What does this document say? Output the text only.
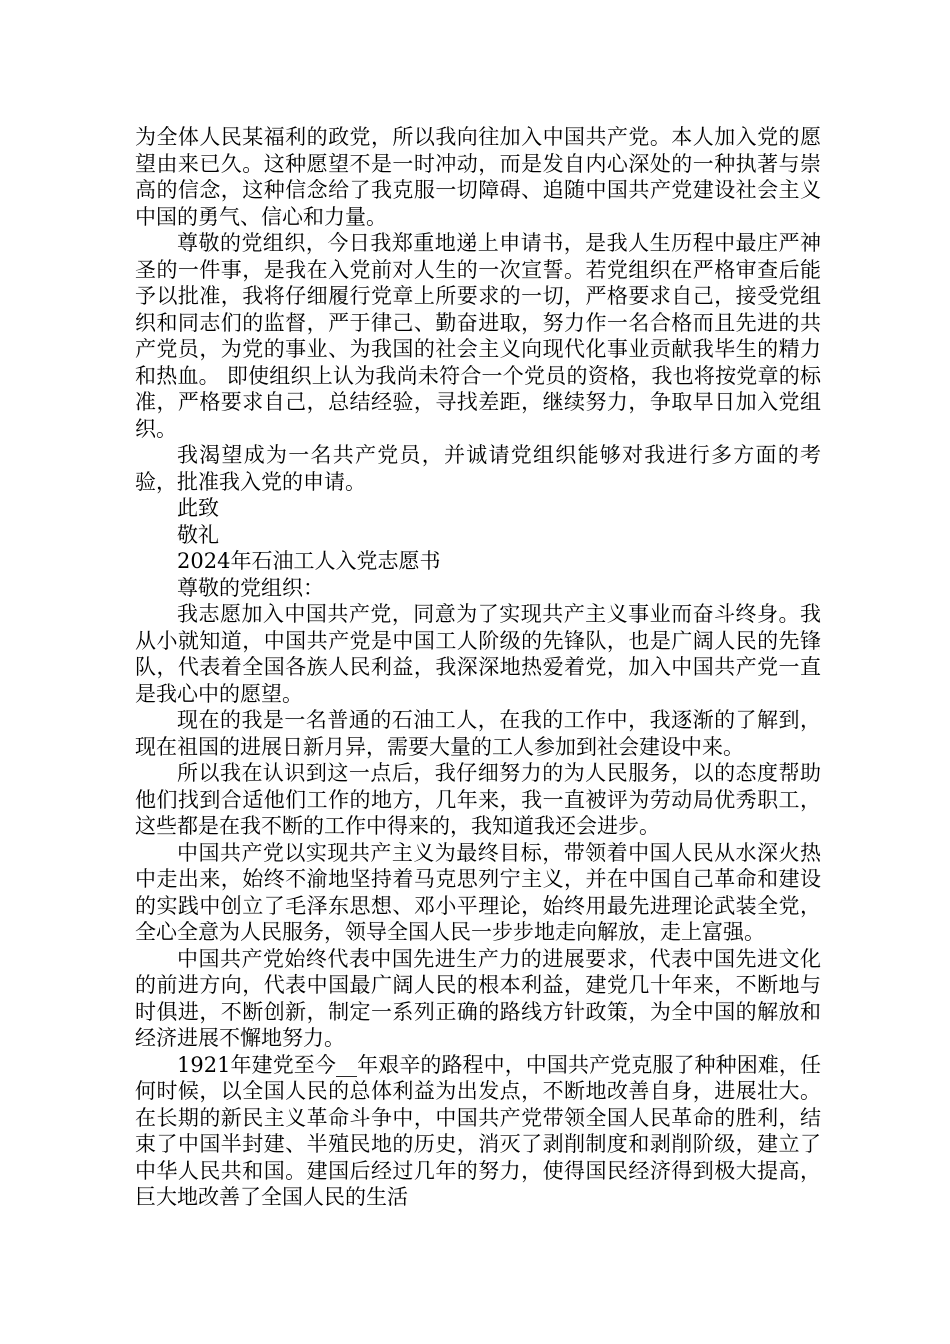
为全体人民某福利的政党，所以我向往加入中国共产党。本人加入党的愿望由来已久。这种愿望不是一时冲动，而是发自内心深处的一种执著与崇高的信念，这种信念给了我克服一切障碍、追随中国共产党建设社会主义中国的勇气、信心和力量。

尊敬的党组织，今日我郑重地递上申请书，是我人生历程中最庄严神圣的一件事，是我在入党前对人生的一次宣誓。若党组织在严格审查后能予以批准，我将仔细履行党章上所要求的一切，严格要求自己，接受党组织和同志们的监督，严于律己、勤奋进取，努力作一名合格而且先进的共产党员，为党的事业、为我国的社会主义向现代化事业贡献我毕生的精力和热血。 即使组织上认为我尚未符合一个党员的资格，我也将按党章的标准，严格要求自己，总结经验，寻找差距，继续努力，争取早日加入党组织。

我渴望成为一名共产党员，并诚请党组织能够对我进行多方面的考验，批准我入党的申请。

此致

敬礼

2024年石油工人入党志愿书

尊敬的党组织：

我志愿加入中国共产党，同意为了实现共产主义事业而奋斗终身。我从小就知道，中国共产党是中国工人阶级的先锋队，也是广阔人民的先锋队，代表着全国各族人民利益，我深深地热爱着党，加入中国共产党一直是我心中的愿望。

现在的我是一名普通的石油工人，在我的工作中，我逐渐的了解到，现在祖国的进展日新月异，需要大量的工人参加到社会建设中来。

所以我在认识到这一点后，我仔细努力的为人民服务，以的态度帮助他们找到合适他们工作的地方，几年来，我一直被评为劳动局优秀职工，这些都是在我不断的工作中得来的，我知道我还会进步。

中国共产党以实现共产主义为最终目标，带领着中国人民从水深火热中走出来，始终不渝地坚持着马克思列宁主义，并在中国自己革命和建设的实践中创立了毛泽东思想、邓小平理论，始终用最先进理论武装全党，全心全意为人民服务，领导全国人民一步步地走向解放，走上富强。

中国共产党始终代表中国先进生产力的进展要求，代表中国先进文化的前进方向，代表中国最广阔人民的根本利益，建党几十年来，不断地与时俱进，不断创新，制定一系列正确的路线方针政策，为全中国的解放和经济进展不懈地努力。

1921年建党至今__年艰辛的路程中，中国共产党克服了种种困难，任何时候，以全国人民的总体利益为出发点，不断地改善自身，进展壮大。在长期的新民主义革命斗争中，中国共产党带领全国人民革命的胜利，结束了中国半封建、半殖民地的历史，消灭了剥削制度和剥削阶级，建立了中华人民共和国。建国后经过几年的努力，使得国民经济得到极大提高，巨大地改善了全国人民的生活
